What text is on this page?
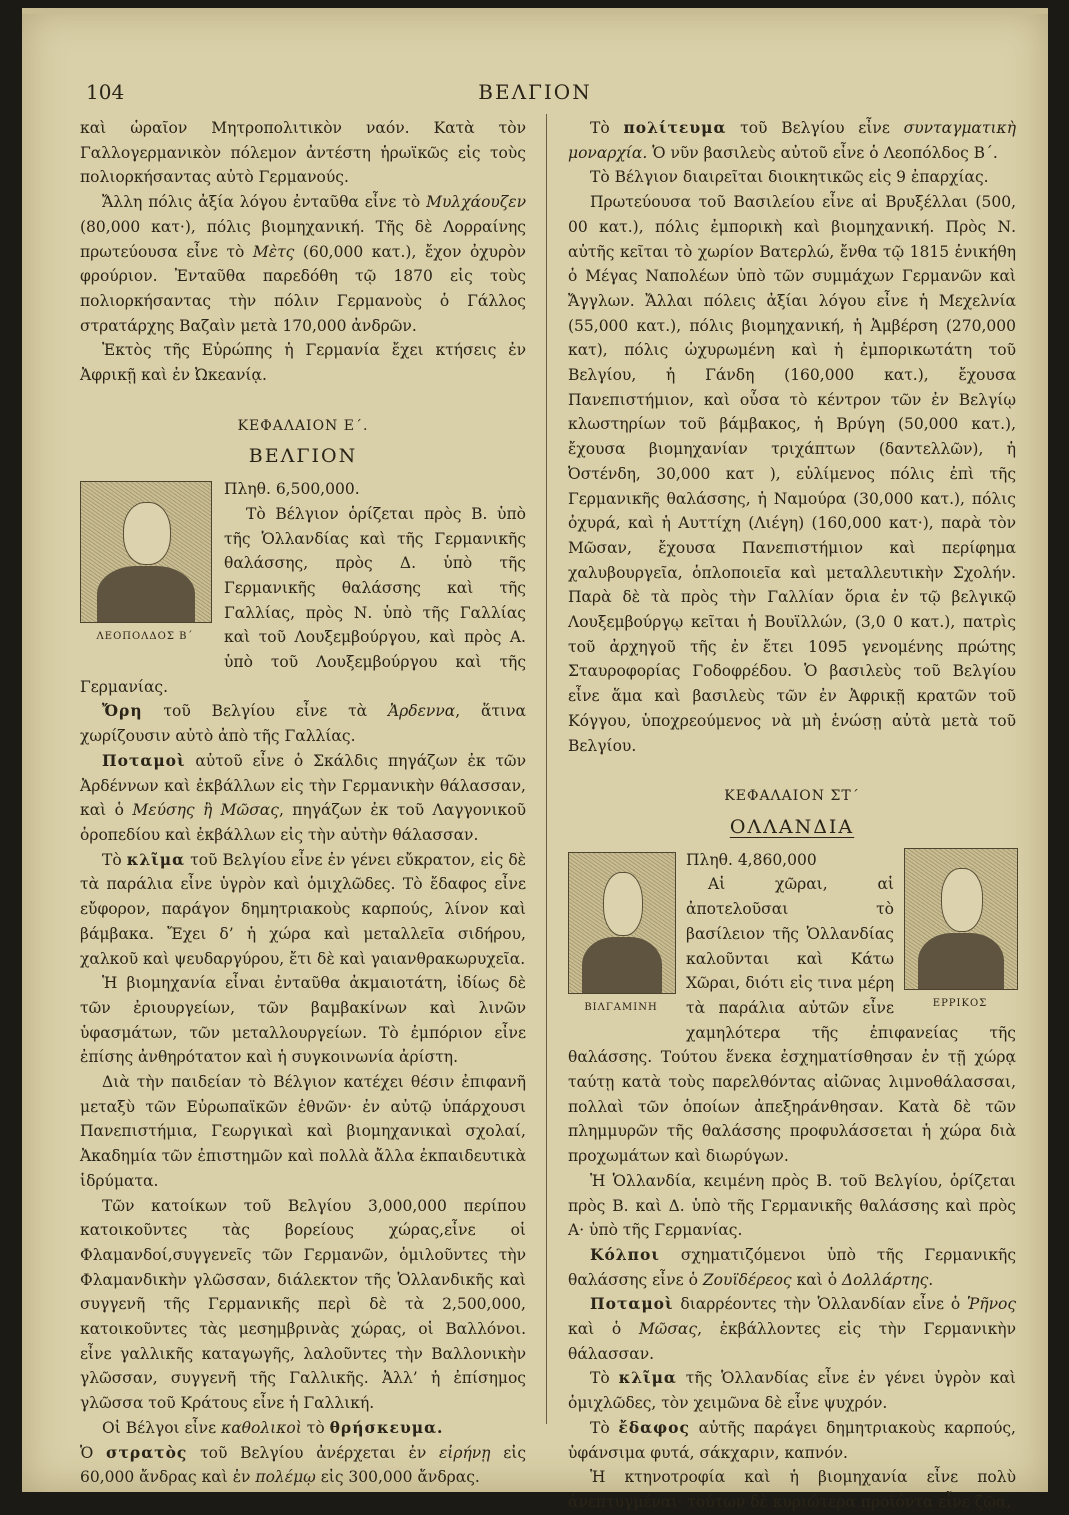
ΒΕΛΓΙΟΝ
104

καὶ ὡραῖον Μητροπολιτικὸν ναόν. Κατὰ τὸν Γαλλογερμανικὸν πόλεμον ἀντέστη ἡρωϊκῶς εἰς τοὺς πολιορκήσαντας αὐτὸ Γερμανούς.

Ἄλλη πόλις ἀξία λόγου ἐνταῦθα εἶνε τὸ Μυλχάουζεν (80,000 κατ·), πόλις βιομηχανική. Τῆς δὲ Λορραίνης πρωτεύουσα εἶνε τὸ Μὲτς (60,000 κατ.), ἔχον ὀχυρὸν φρούριον. Ἐνταῦθα παρεδόθη τῷ 1870 εἰς τοὺς πολιορκήσαντας τὴν πόλιν Γερμανοὺς ὁ Γάλλος στρατάρχης Βαζαὶν μετὰ 170,000 ἀνδρῶν.

Ἐκτὸς τῆς Εὐρώπης ἡ Γερμανία ἔχει κτήσεις ἐν Ἀφρικῇ καὶ ἐν Ὠκεανίᾳ.

ΚΕΦΑΛΑΙΟΝ Ε΄.
ΒΕΛΓΙΟΝ
ΛΕΟΠΟΛΔΟΣ Β΄

Πληθ. 6,500,000.

Τὸ Βέλγιον ὁρίζεται πρὸς Β. ὑπὸ τῆς Ὁλλανδίας καὶ τῆς Γερμανικῆς θαλάσσης, πρὸς Δ. ὑπὸ τῆς Γερμανικῆς θαλάσσης καὶ τῆς Γαλλίας, πρὸς Ν. ὑπὸ τῆς Γαλλίας καὶ τοῦ Λουξεμβούργου, καὶ πρὸς Α. ὑπὸ τοῦ Λουξεμβούργου καὶ τῆς Γερμανίας.

Ὄρη τοῦ Βελγίου εἶνε τὰ Ἀρδεννα, ἅτινα χωρίζουσιν αὐτὸ ἀπὸ τῆς Γαλλίας.

Ποταμοὶ αὐτοῦ εἶνε ὁ Σκάλδις πηγάζων ἐκ τῶν Ἀρδέννων καὶ ἐκβάλλων εἰς τὴν Γερμανικὴν θάλασσαν, καὶ ὁ Μεύσης ἢ Μῶσας, πηγάζων ἐκ τοῦ Λαγγονικοῦ ὁροπεδίου καὶ ἐκβάλλων εἰς τὴν αὐτὴν θάλασσαν.

Τὸ κλῖμα τοῦ Βελγίου εἶνε ἐν γένει εὔκρατον, εἰς δὲ τὰ παράλια εἶνε ὑγρὸν καὶ ὁμιχλῶδες. Τὸ ἔδαφος εἶνε εὔφορον, παράγον δημητριακοὺς καρπούς, λίνον καὶ βάμβακα. Ἔχει δ’ ἡ χώρα καὶ μεταλλεῖα σιδήρου, χαλκοῦ καὶ ψευδαργύρου, ἔτι δὲ καὶ γαιανθρακωρυχεῖα.

Ἡ βιομηχανία εἶναι ἐνταῦθα ἀκμαιοτάτη, ἰδίως δὲ τῶν ἐριουργείων, τῶν βαμβακίνων καὶ λινῶν ὑφασμάτων, τῶν μεταλλουργείων. Τὸ ἐμπόριον εἶνε ἐπίσης ἀνθηρότατον καὶ ἡ συγκοινωνία ἀρίστη.

Διὰ τὴν παιδείαν τὸ Βέλγιον κατέχει θέσιν ἐπιφανῆ μεταξὺ τῶν Εὐρωπαϊκῶν ἐθνῶν· ἐν αὐτῷ ὑπάρχουσι Πανεπιστήμια, Γεωργικαὶ καὶ βιομηχανικαὶ σχολαί, Ἀκαδημία τῶν ἐπιστημῶν καὶ πολλὰ ἄλλα ἐκπαιδευτικὰ ἱδρύματα.

Τῶν κατοίκων τοῦ Βελγίου 3,000,000 περίπου κατοικοῦντες τὰς βορείους χώρας,εἶνε οἱ Φλαμανδοί,συγγενεῖς τῶν Γερμανῶν, ὁμιλοῦντες τὴν Φλαμανδικὴν γλῶσσαν, διάλεκτον τῆς Ὁλλανδικῆς καὶ συγγενῆ τῆς Γερμανικῆς περὶ δὲ τὰ 2,500,000, κατοικοῦντες τὰς μεσημβρινὰς χώρας, οἱ Βαλλόνοι. εἶνε γαλλικῆς καταγωγῆς, λαλοῦντες τὴν Βαλλονικὴν γλῶσσαν, συγγενῆ τῆς Γαλλικῆς. Ἀλλ’ ἡ ἐπίσημος γλῶσσα τοῦ Κράτους εἶνε ἡ Γαλλική.

Οἱ Βέλγοι εἶνε καθολικοὶ τὸ θρήσκευμα.

Ὁ στρατὸς τοῦ Βελγίου ἀνέρχεται ἐν εἰρήνῃ εἰς 60,000 ἄνδρας καὶ ἐν πολέμῳ εἰς 300,000 ἄνδρας.

Τὸ πολίτευμα τοῦ Βελγίου εἶνε συνταγματικὴ μοναρχία. Ὁ νῦν βασιλεὺς αὐτοῦ εἶνε ὁ Λεοπόλδος Β΄.

Τὸ Βέλγιον διαιρεῖται διοικητικῶς εἰς 9 ἐπαρχίας.

Πρωτεύουσα τοῦ Βασιλείου εἶνε αἱ Βρυξέλλαι (500, 00 κατ.), πόλις ἐμπορικὴ καὶ βιομηχανική. Πρὸς Ν. αὐτῆς κεῖται τὸ χωρίον Βατερλώ, ἔνθα τῷ 1815 ἐνικήθη ὁ Μέγας Ναπολέων ὑπὸ τῶν συμμάχων Γερμανῶν καὶ Ἄγγλων. Ἄλλαι πόλεις ἀξίαι λόγου εἶνε ἡ Μεχελνία (55,000 κατ.), πόλις βιομηχανική, ἡ Ἀμβέρση (270,000 κατ), πόλις ὠχυρωμένη καὶ ἡ ἐμπορικωτάτη τοῦ Βελγίου, ἡ Γάνδη (160,000 κατ.), ἔχουσα Πανεπιστήμιον, καὶ οὖσα τὸ κέντρον τῶν ἐν Βελγίῳ κλωστηρίων τοῦ βάμβακος, ἡ Βρύγη (50,000 κατ.), ἔχουσα βιομηχανίαν τριχάπτων (δαντελλῶν), ἡ Ὀστένδη, 30,000 κατ ), εὐλίμενος πόλις ἐπὶ τῆς Γερμανικῆς θαλάσσης, ἡ Ναμούρα (30,000 κατ.), πόλις ὀχυρά, καὶ ἡ Αυττίχη (Λιέγη) (160,000 κατ·), παρὰ τὸν Μῶσαν, ἔχουσα Πανεπιστήμιον καὶ περίφημα χαλυβουργεῖα, ὁπλοποιεῖα καὶ μεταλλευτικὴν Σχολήν. Παρὰ δὲ τὰ πρὸς τὴν Γαλλίαν ὅρια ἐν τῷ βελγικῷ Λουξεμβούργῳ κεῖται ἡ Βουϊλλών, (3,0 0 κατ.), πατρὶς τοῦ ἀρχηγοῦ τῆς ἐν ἔτει 1095 γενομένης πρώτης Σταυροφορίας Γοδοφρέδου. Ὁ βασιλεὺς τοῦ Βελγίου εἶνε ἅμα καὶ βασιλεὺς τῶν ἐν Ἀφρικῇ κρατῶν τοῦ Κόγγου, ὑποχρεούμενος νὰ μὴ ἑνώσῃ αὐτὰ μετὰ τοῦ Βελγίου.

ΚΕΦΑΛΑΙΟΝ ΣΤ΄
ΟΛΛΑΝΔΙΑ
ΒΙΛΓΑΜΙΝΗ	ΕΡΡΙΚΟΣ

Πληθ. 4,860,000

Αἱ χῶραι, αἱ ἀποτελοῦσαι τὸ βασίλειον τῆς Ὁλλανδίας καλοῦνται καὶ Κάτω Χῶραι, διότι εἰς τινα μέρη τὰ παράλια αὐτῶν εἶνε χαμηλότερα τῆς ἐπιφανείας τῆς θαλάσσης. Τούτου ἕνεκα ἐσχηματίσθησαν ἐν τῇ χώρᾳ ταύτῃ κατὰ τοὺς παρελθόντας αἰῶνας λιμνοθάλασσαι, πολλαὶ τῶν ὁποίων ἀπεξηράνθησαν. Κατὰ δὲ τῶν πλημμυρῶν τῆς θαλάσσης προφυλάσσεται ἡ χώρα διὰ προχωμάτων καὶ διωρύγων.

Ἡ Ὁλλανδία, κειμένη πρὸς Β. τοῦ Βελγίου, ὁρίζεται πρὸς Β. καὶ Δ. ὑπὸ τῆς Γερμανικῆς θαλάσσης καὶ πρὸς Α· ὑπὸ τῆς Γερμανίας.

Κόλποι σχηματιζόμενοι ὑπὸ τῆς Γερμανικῆς θαλάσσης εἶνε ὁ Ζουϊδέρεος καὶ ὁ Δολλάρτης.

Ποταμοὶ διαρρέοντες τὴν Ὁλλανδίαν εἶνε ὁ Ῥῆνος καὶ ὁ Μῶσας, ἐκβάλλοντες εἰς τὴν Γερμανικὴν θάλασσαν.

Τὸ κλῖμα τῆς Ὁλλανδίας εἶνε ἐν γένει ὑγρὸν καὶ ὁμιχλῶδες, τὸν χειμῶνα δὲ εἶνε ψυχρόν.

Τὸ ἔδαφος αὐτῆς παράγει δημητριακοὺς καρπούς, ὑφάνσιμα φυτά, σάκχαριν, καπνόν.

Ἡ κτηνοτροφία καὶ ἡ βιομηχανία εἶνε πολὺ ἀνεπτυγμέναι· τούτων δὲ κυριώτερα προϊόντα εἶνε ζῷα,
